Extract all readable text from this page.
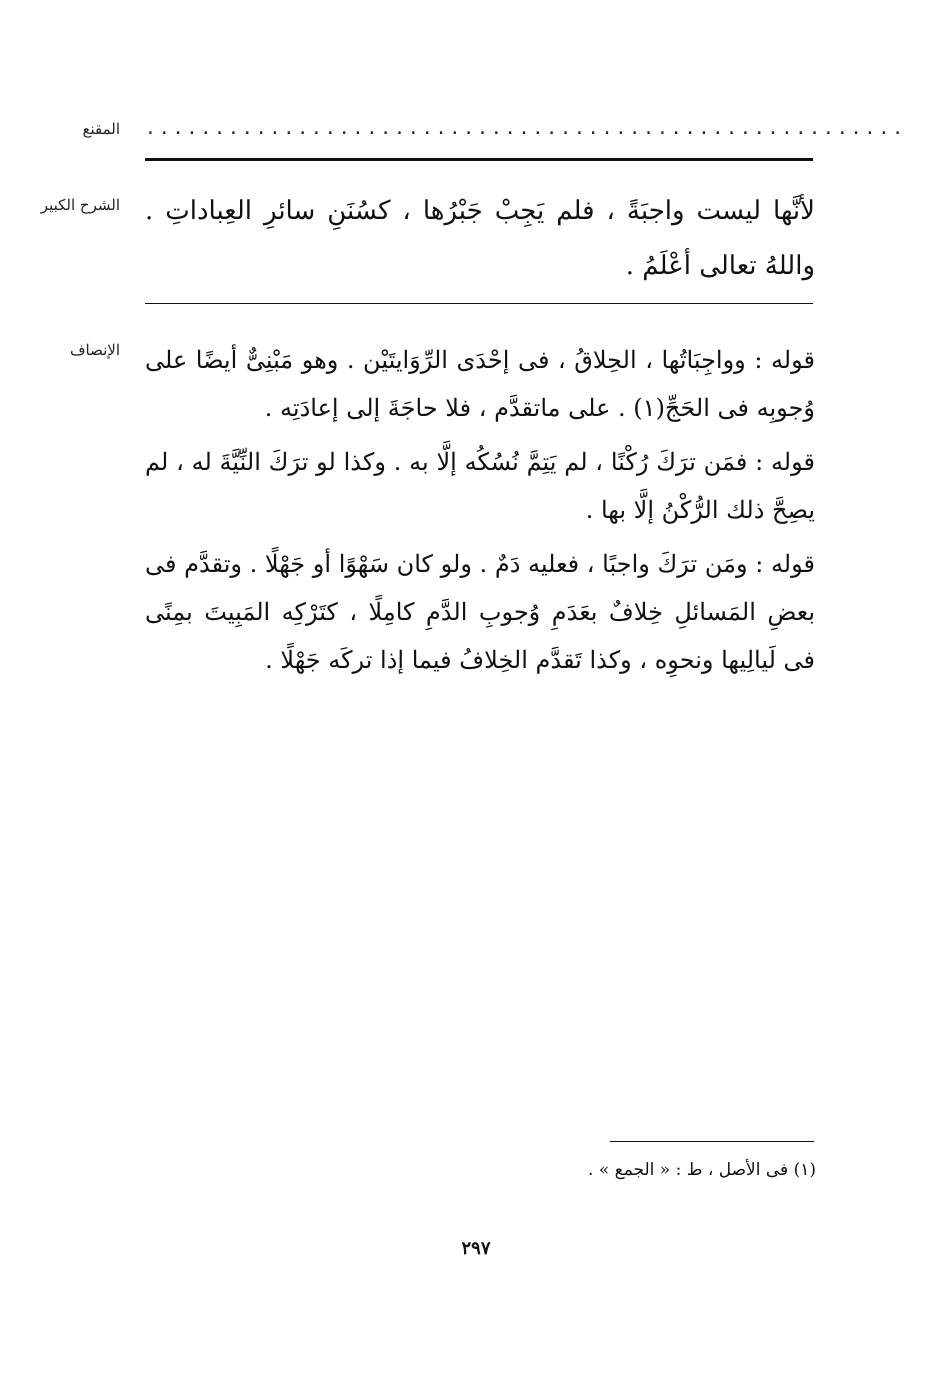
المقنع .......................................................
الشرح الكبير لأنَّها ليست واجبَةً ، فلم يَجِبْ جَبْرُها ، كسُنَنِ سائرِ العِباداتِ . واللهُ تعالى أعْلَمُ .
الإنصاف قوله : وواجِبَاتُها ، الحِلاقُ ، فى إحْدَى الرِّوَايتَيْن . وهو مَبْنِىٌّ أيضًا على وُجوبِه فى الحَجِّ(١) . على ماتقدَّم ، فلا حاجَةَ إلى إعادَتِه .

قوله : فمَن ترَكَ رُكْنًا ، لم يَتِمَّ نُسُكُه إلَّا به . وكذا لو ترَكَ النِّيَّةَ له ، لم يصِحَّ ذلك الرُّكْنُ إلَّا بها .

قوله : ومَن ترَكَ واجبًا ، فعليه دَمٌ . ولو كان سَهْوًا أو جَهْلًا . وتقدَّم فى بعضِ المَسائلِ خِلافٌ بعَدَمِ وُجوبِ الدَّمِ كامِلًا ، كتَرْكِه المَبِيتَ بمِنًى فى لَيالِيها ونحوِه ، وكذا تَقدَّم الخِلافُ فيما إذا تركَه جَهْلًا .

(١) فى الأصل ، ط : « الجمع » .
٢٩٧
